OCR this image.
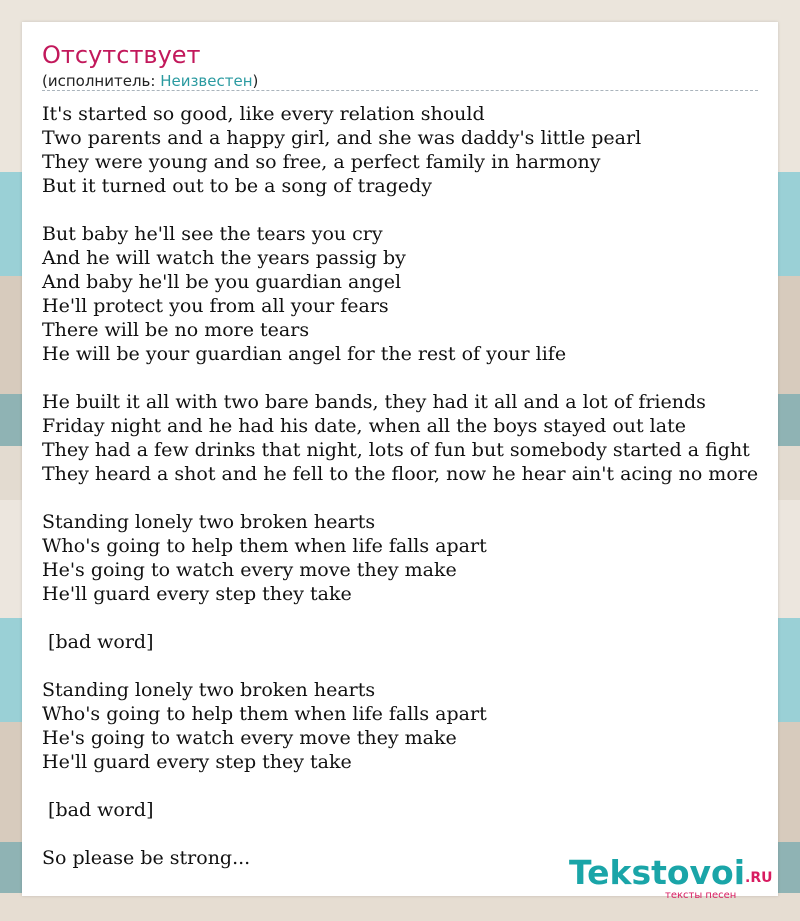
Отсутствует
(исполнитель: Неизвестен)
It's started so good, like every relation should
Two parents and a happy girl, and she was daddy's little pearl
They were young and so free, a perfect family in harmony
But it turned out to be a song of tragedy
But baby he'll see the tears you cry
And he will watch the years passig by
And baby he'll be you guardian angel
He'll protect you from all your fears
There will be no more tears
He will be your guardian angel for the rest of your life
He built it all with two bare bands, they had it all and a lot of friends
Friday night and he had his date, when all the boys stayed out late
They had a few drinks that night, lots of fun but somebody started a fight
They heard a shot and he fell to the floor, now he hear ain't acing no more
Standing lonely two broken hearts
Who's going to help them when life falls apart
He's going to watch every move they make
He'll guard every step they take
[bad word]
Standing lonely two broken hearts
Who's going to help them when life falls apart
He's going to watch every move they make
He'll guard every step they take
[bad word]
So please be strong...	Tekstovoi .RU
тексты песен
